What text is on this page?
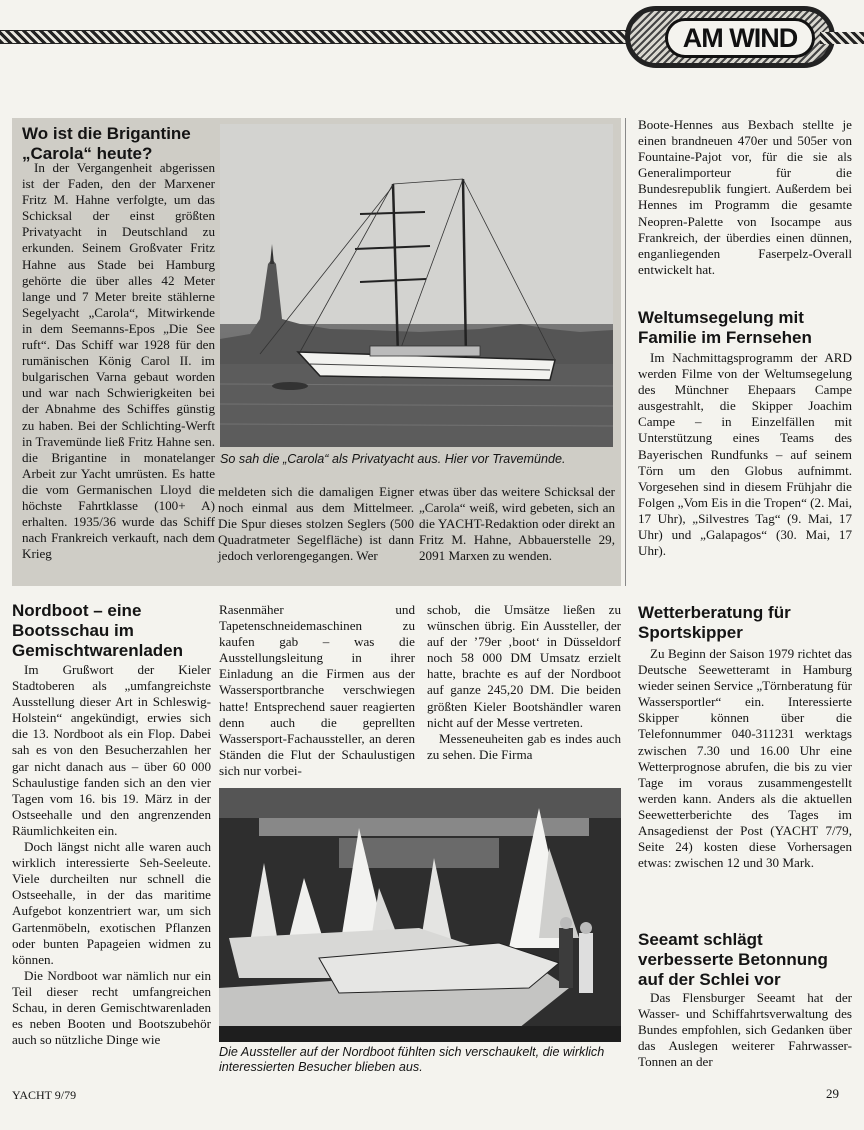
AM WIND
Wo ist die Brigantine „Carola“ heute?

In der Vergangenheit abgerissen ist der Faden, den der Marxener Fritz M. Hahne verfolgte, um das Schicksal der einst größten Privatyacht in Deutschland zu erkunden. Seinem Großvater Fritz Hahne aus Stade bei Hamburg gehörte die über alles 42 Meter lange und 7 Meter breite stählerne Segelyacht „Carola“, Mitwirkende in dem Seemanns-Epos „Die See ruft“. Das Schiff war 1928 für den rumänischen König Carol II. im bulgarischen Varna gebaut worden und war nach Schwierigkeiten bei der Abnahme des Schiffes günstig zu haben. Bei der Schlichting-Werft in Travemünde ließ Fritz Hahne sen. die Brigantine in monatelanger Arbeit zur Yacht umrüsten. Es hatte die vom Germanischen Lloyd die höchste Fahrtklasse (100+ A) erhalten. 1935/36 wurde das Schiff nach Frankreich verkauft, nach dem Krieg

So sah die „Carola“ als Privatyacht aus. Hier vor Travemünde.

meldeten sich die damaligen Eigner noch einmal aus dem Mittelmeer. Die Spur dieses stolzen Seglers (500 Quadratmeter Segelfläche) ist dann jedoch verlorengegangen. Wer

etwas über das weitere Schicksal der „Carola“ weiß, wird gebeten, sich an die YACHT-Redaktion oder direkt an Fritz M. Hahne, Abbauerstelle 29, 2091 Marxen zu wenden.

Boote-Hennes aus Bexbach stellte je einen brandneuen 470er und 505er von Fountaine-Pajot vor, für die sie als Generalimporteur für die Bundesrepublik fungiert. Außerdem bei Hennes im Programm die gesamte Neopren-Palette von Isocampe aus Frankreich, der überdies einen dünnen, enganliegenden Faserpelz-Overall entwickelt hat.

Weltumsegelung mit Familie im Fernsehen

Im Nachmittagsprogramm der ARD werden Filme von der Weltumsegelung des Münchner Ehepaars Campe ausgestrahlt, die Skipper Joachim Campe – in Einzelfällen mit Unterstützung eines Teams des Bayerischen Rundfunks – auf seinem Törn um den Globus aufnimmt. Vorgesehen sind in diesem Frühjahr die Folgen „Vom Eis in die Tropen“ (2. Mai, 17 Uhr), „Silvestres Tag“ (9. Mai, 17 Uhr) und „Galapagos“ (30. Mai, 17 Uhr).

Nordboot – eine Bootsschau im Gemischtwarenladen

Im Grußwort der Kieler Stadtoberen als „umfangreichste Ausstellung dieser Art in Schleswig-Holstein“ angekündigt, erwies sich die 13. Nordboot als ein Flop. Dabei sah es von den Besucherzahlen her gar nicht danach aus – über 60 000 Schaulustige fanden sich an den vier Tagen vom 16. bis 19. März in der Ostseehalle und den angrenzenden Räumlichkeiten ein.

Doch längst nicht alle waren auch wirklich interessierte Seh-Seeleute. Viele durcheilten nur schnell die Ostseehalle, in der das maritime Aufgebot konzentriert war, um sich Gartenmöbeln, exotischen Pflanzen oder bunten Papageien widmen zu können.

Die Nordboot war nämlich nur ein Teil dieser recht umfangreichen Schau, in deren Gemischtwarenladen es neben Booten und Bootszubehör auch so nützliche Dinge wie

Rasenmäher und Tapetenschneidemaschinen zu kaufen gab – was die Ausstellungsleitung in ihrer Einladung an die Firmen aus der Wassersportbranche verschwiegen hatte! Entsprechend sauer reagierten denn auch die geprellten Wassersport-Fachaussteller, an deren Ständen die Flut der Schaulustigen sich nur vorbei-

schob, die Umsätze ließen zu wünschen übrig. Ein Aussteller, der auf der ’79er ‚boot‘ in Düsseldorf noch 58 000 DM Umsatz erzielt hatte, brachte es auf der Nordboot auf ganze 245,20 DM. Die beiden größten Kieler Bootshändler waren nicht auf der Messe vertreten.

Messeneuheiten gab es indes auch zu sehen. Die Firma

Die Aussteller auf der Nordboot fühlten sich verschaukelt, die wirklich interessierten Besucher blieben aus.
Wetterberatung für Sportskipper

Zu Beginn der Saison 1979 richtet das Deutsche Seewetteramt in Hamburg wieder seinen Service „Törnberatung für Wassersportler“ ein. Interessierte Skipper können über die Telefonnummer 040-311231 werktags zwischen 7.30 und 16.00 Uhr eine Wetterprognose abrufen, die bis zu vier Tage im voraus zusammengestellt werden kann. Anders als die aktuellen Seewetterberichte des Tages im Ansagedienst der Post (YACHT 7/79, Seite 24) kosten diese Vorhersagen etwas: zwischen 12 und 30 Mark.

Seeamt schlägt verbesserte Betonnung auf der Schlei vor

Das Flensburger Seeamt hat der Wasser- und Schiffahrtsverwaltung des Bundes empfohlen, sich Gedanken über das Auslegen weiterer Fahrwasser-Tonnen an der

YACHT 9/79	29
